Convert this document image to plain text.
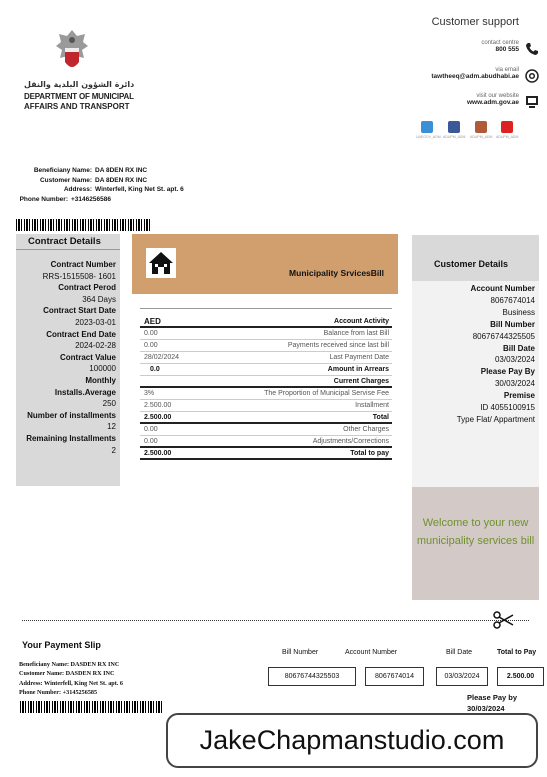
دائرة الشؤون البلدية والنقل
DEPARTMENT OF MUNICIPAL
AFFAIRS AND TRANSPORT
Customer support
contact centre
800 555
via email
tawtheeq@adm.abudhabi.ae
visit our website
www.adm.gov.ae
UAEGOV_ADM ADUPM_ADM ADUPM_ADM ADUPM_ADM
Beneficiany Name: DA 8DEN RX INC
Customer Name: DA 8DEN RX INC
Address: Winterfell, King Net St. apt. 6
Phone Number: +3146256586
Contract Details
Contract Number
RRS-1515508- 1601
Contract Perod
364 Days
Contract Start Date
2023-03-01
Contract End Date
2024-02-28
Contract Value
100000
Monthly
Installs.Average
250
Number of installments
12
Remaining Installments
2
Municipality SrvicesBill
AED	Account Activity
0.00	Balance from last Bill
0.00	Payments received since last bill
28/02/2024	Last Payment Date
0.0	Amount in Arrears
Current Charges
3%	The Proportion of Municipal Servise Fee
2.500.00	Installment
2.500.00	Total
0.00	Other Charges
0.00	Adjustments/Corrections
2.500.00	Total to pay
Customer Details
Account Number
8067674014
Business
Bill Number
80676744325505
Bill Date
03/03/2024
Please Pay By
30/03/2024
Premise
ID 4055100915
Type Flat/ Appartment
Welcome to your new municipality services bill
Your Payment Slip
Beneficiany Name: DASDEN RX INC
Customer Name: DASDEN RX INC
Address: Winterfell, King Net St. apt. 6
Phone Number: +3145256585
Bill Number	Account Number	Bill Date	Total to Pay
80676744325503	8067674014	03/03/2024	2.500.00
Please Pay by
30/03/2024
JakeChapmanstudio.com
